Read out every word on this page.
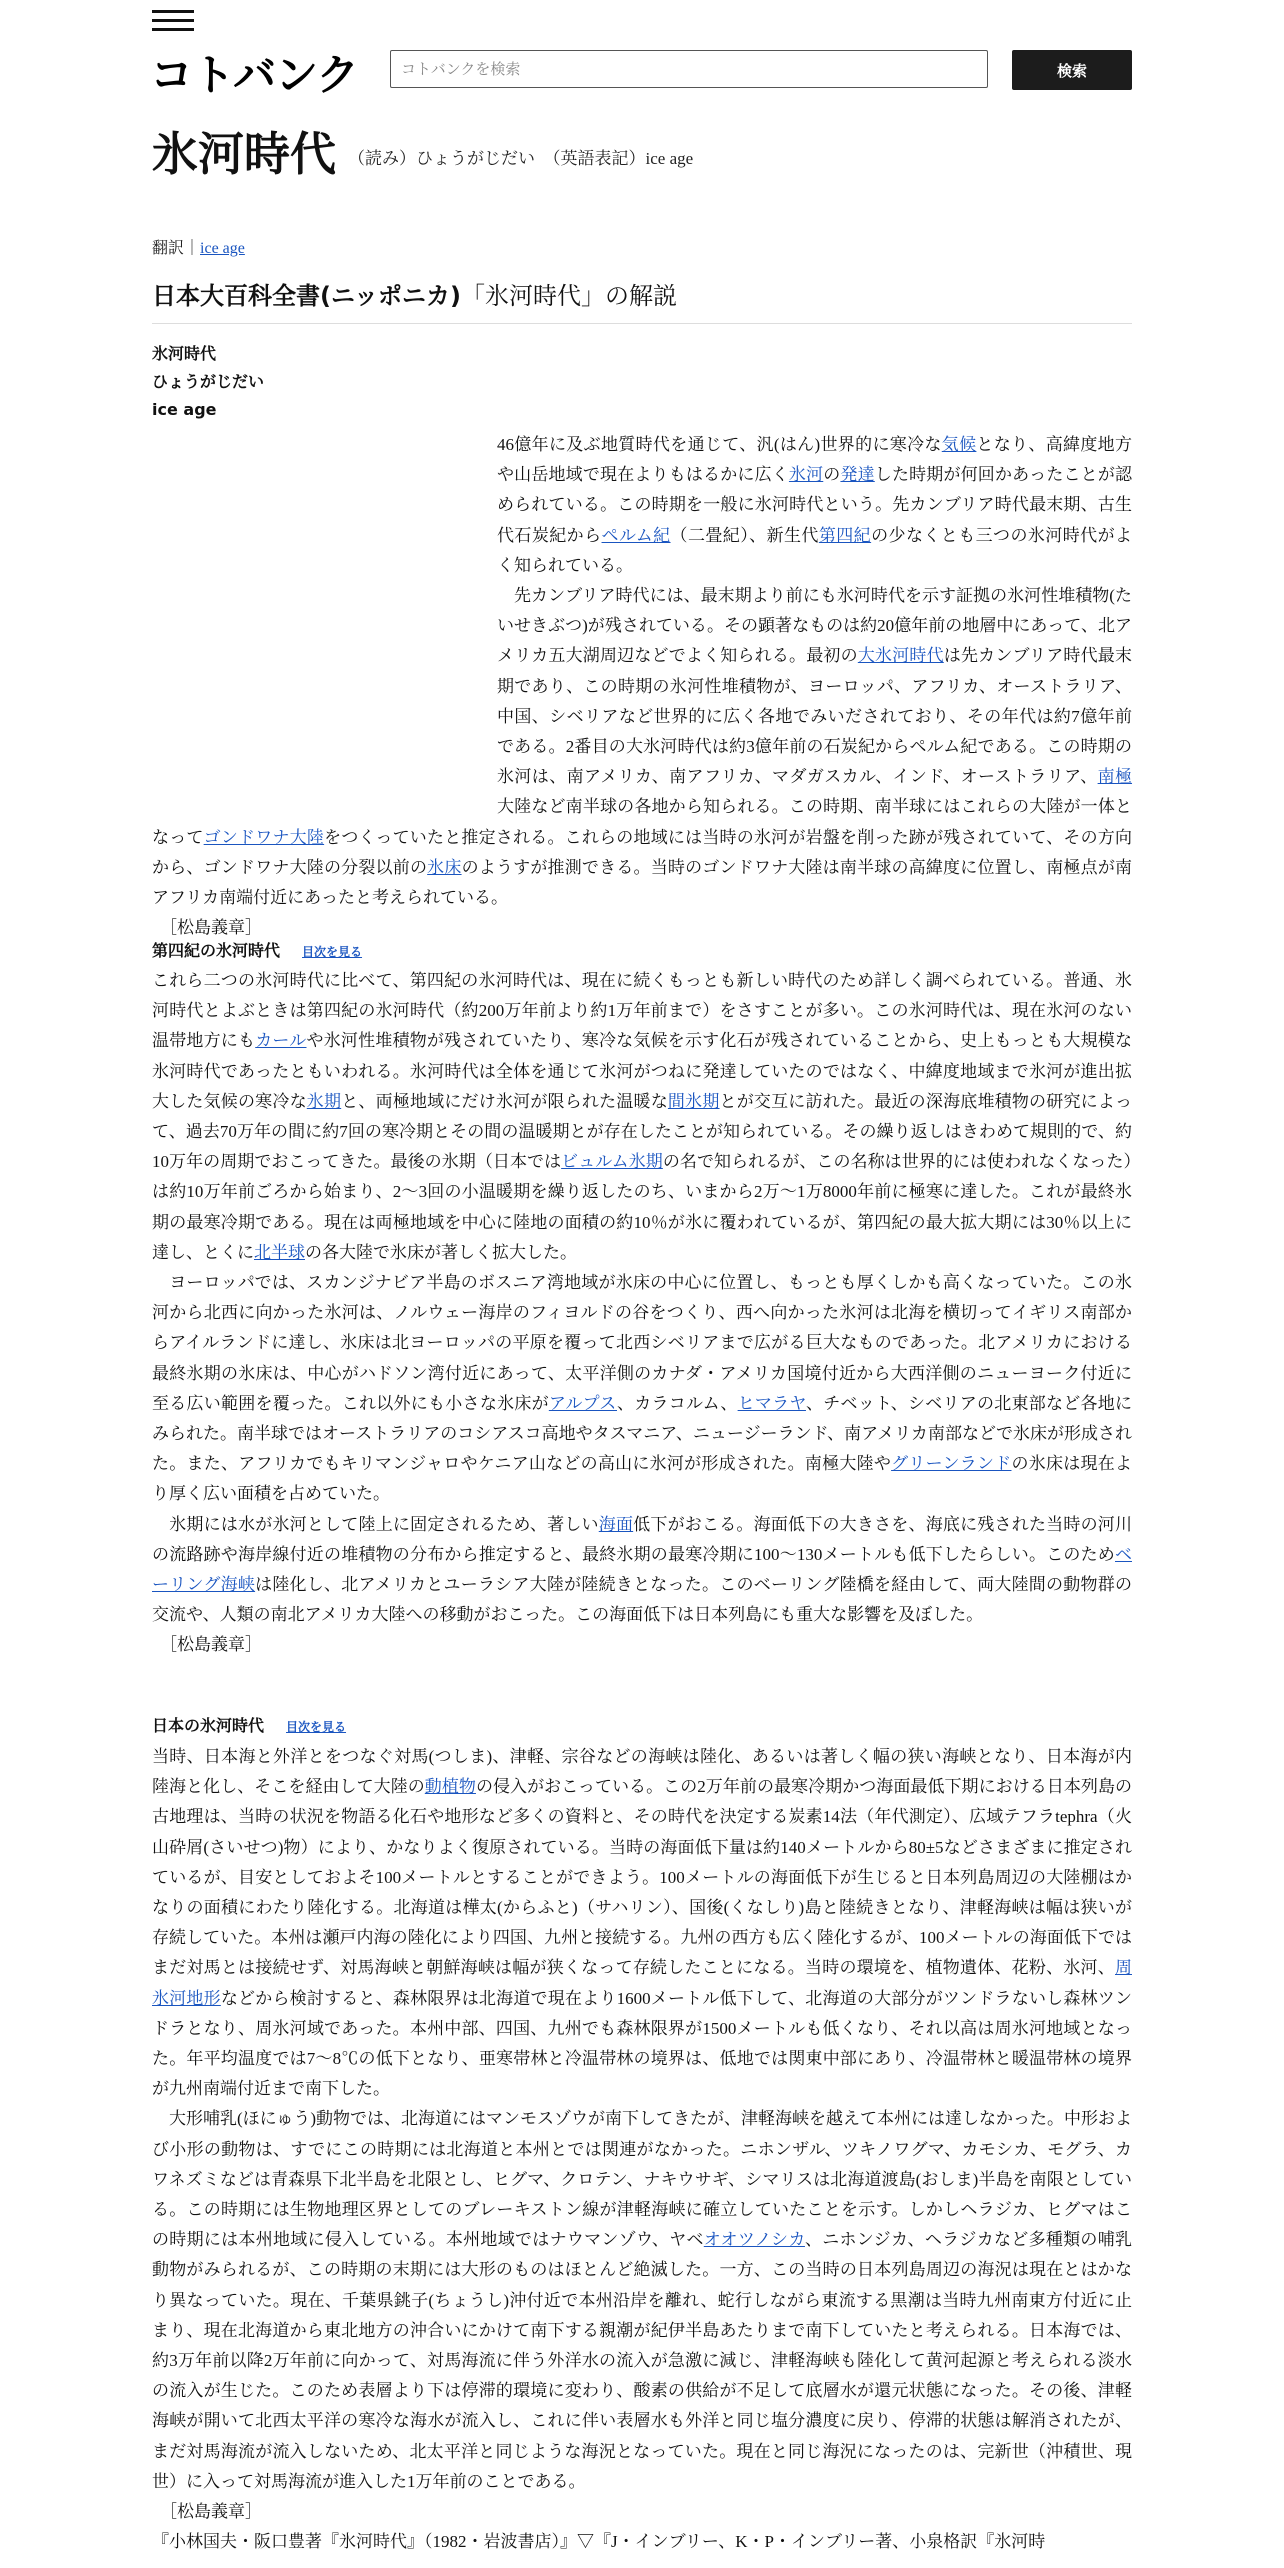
コトバンク
コトバンクを検索	検索
氷河時代 （読み）ひょうがじだい　（英語表記）ice age
翻訳｜ice age
日本大百科全書(ニッポニカ)「氷河時代」の解説
氷河時代
ひょうがじだい
ice age

46億年に及ぶ地質時代を通じて、汎(はん)世界的に寒冷な気候となり、高緯度地方や山岳地域で現在よりもはるかに広く氷河の発達した時期が何回かあったことが認められている。この時期を一般に氷河時代という。先カンブリア時代最末期、古生代石炭紀からペルム紀（二畳紀）、新生代第四紀の少なくとも三つの氷河時代がよく知られている。

　先カンブリア時代には、最末期より前にも氷河時代を示す証拠の氷河性堆積物(たいせきぶつ)が残されている。その顕著なものは約20億年前の地層中にあって、北アメリカ五大湖周辺などでよく知られる。最初の大氷河時代は先カンブリア時代最末期であり、この時期の氷河性堆積物が、ヨーロッパ、アフリカ、オーストラリア、中国、シベリアなど世界的に広く各地でみいだされており、その年代は約7億年前である。2番目の大氷河時代は約3億年前の石炭紀からペルム紀である。この時期の氷河は、南アメリカ、南アフリカ、マダガスカル、インド、オーストラリア、南極大陸など南半球の各地から知られる。この時期、南半球にはこれらの大陸が一体となってゴンドワナ大陸をつくっていたと推定される。これらの地域には当時の氷河が岩盤を削った跡が残されていて、その方向から、ゴンドワナ大陸の分裂以前の氷床のようすが推測できる。当時のゴンドワナ大陸は南半球の高緯度に位置し、南極点が南アフリカ南端付近にあったと考えられている。

［松島義章］

第四紀の氷河時代 目次を見る

これら二つの氷河時代に比べて、第四紀の氷河時代は、現在に続くもっとも新しい時代のため詳しく調べられている。普通、氷河時代とよぶときは第四紀の氷河時代（約200万年前より約1万年前まで）をさすことが多い。この氷河時代は、現在氷河のない温帯地方にもカールや氷河性堆積物が残されていたり、寒冷な気候を示す化石が残されていることから、史上もっとも大規模な氷河時代であったともいわれる。氷河時代は全体を通じて氷河がつねに発達していたのではなく、中緯度地域まで氷河が進出拡大した気候の寒冷な氷期と、両極地域にだけ氷河が限られた温暖な間氷期とが交互に訪れた。最近の深海底堆積物の研究によって、過去70万年の間に約7回の寒冷期とその間の温暖期とが存在したことが知られている。その繰り返しはきわめて規則的で、約10万年の周期でおこってきた。最後の氷期（日本ではビュルム氷期の名で知られるが、この名称は世界的には使われなくなった）は約10万年前ごろから始まり、2～3回の小温暖期を繰り返したのち、いまから2万～1万8000年前に極寒に達した。これが最終氷期の最寒冷期である。現在は両極地域を中心に陸地の面積の約10％が氷に覆われているが、第四紀の最大拡大期には30％以上に達し、とくに北半球の各大陸で氷床が著しく拡大した。

　ヨーロッパでは、スカンジナビア半島のボスニア湾地域が氷床の中心に位置し、もっとも厚くしかも高くなっていた。この氷河から北西に向かった氷河は、ノルウェー海岸のフィヨルドの谷をつくり、西へ向かった氷河は北海を横切ってイギリス南部からアイルランドに達し、氷床は北ヨーロッパの平原を覆って北西シベリアまで広がる巨大なものであった。北アメリカにおける最終氷期の氷床は、中心がハドソン湾付近にあって、太平洋側のカナダ・アメリカ国境付近から大西洋側のニューヨーク付近に至る広い範囲を覆った。これ以外にも小さな氷床がアルプス、カラコルム、ヒマラヤ、チベット、シベリアの北東部など各地にみられた。南半球ではオーストラリアのコシアスコ高地やタスマニア、ニュージーランド、南アメリカ南部などで氷床が形成された。また、アフリカでもキリマンジャロやケニア山などの高山に氷河が形成された。南極大陸やグリーンランドの氷床は現在より厚く広い面積を占めていた。

　氷期には水が氷河として陸上に固定されるため、著しい海面低下がおこる。海面低下の大きさを、海底に残された当時の河川の流路跡や海岸線付近の堆積物の分布から推定すると、最終氷期の最寒冷期に100～130メートルも低下したらしい。このためベーリング海峡は陸化し、北アメリカとユーラシア大陸が陸続きとなった。このベーリング陸橋を経由して、両大陸間の動物群の交流や、人類の南北アメリカ大陸への移動がおこった。この海面低下は日本列島にも重大な影響を及ぼした。

［松島義章］

日本の氷河時代 目次を見る

当時、日本海と外洋とをつなぐ対馬(つしま)、津軽、宗谷などの海峡は陸化、あるいは著しく幅の狭い海峡となり、日本海が内陸海と化し、そこを経由して大陸の動植物の侵入がおこっている。この2万年前の最寒冷期かつ海面最低下期における日本列島の古地理は、当時の状況を物語る化石や地形など多くの資料と、その時代を決定する炭素14法（年代測定）、広域テフラtephra（火山砕屑(さいせつ)物）により、かなりよく復原されている。当時の海面低下量は約140メートルから80±5などさまざまに推定されているが、目安としておよそ100メートルとすることができよう。100メートルの海面低下が生じると日本列島周辺の大陸棚はかなりの面積にわたり陸化する。北海道は樺太(からふと)（サハリン）、国後(くなしり)島と陸続きとなり、津軽海峡は幅は狭いが存続していた。本州は瀬戸内海の陸化により四国、九州と接続する。九州の西方も広く陸化するが、100メートルの海面低下ではまだ対馬とは接続せず、対馬海峡と朝鮮海峡は幅が狭くなって存続したことになる。当時の環境を、植物遺体、花粉、氷河、周氷河地形などから検討すると、森林限界は北海道で現在より1600メートル低下して、北海道の大部分がツンドラないし森林ツンドラとなり、周氷河域であった。本州中部、四国、九州でも森林限界が1500メートルも低くなり、それ以高は周氷河地域となった。年平均温度では7～8℃の低下となり、亜寒帯林と冷温帯林の境界は、低地では関東中部にあり、冷温帯林と暖温帯林の境界が九州南端付近まで南下した。

　大形哺乳(ほにゅう)動物では、北海道にはマンモスゾウが南下してきたが、津軽海峡を越えて本州には達しなかった。中形および小形の動物は、すでにこの時期には北海道と本州とでは関連がなかった。ニホンザル、ツキノワグマ、カモシカ、モグラ、カワネズミなどは青森県下北半島を北限とし、ヒグマ、クロテン、ナキウサギ、シマリスは北海道渡島(おしま)半島を南限としている。この時期には生物地理区界としてのブレーキストン線が津軽海峡に確立していたことを示す。しかしヘラジカ、ヒグマはこの時期には本州地域に侵入している。本州地域ではナウマンゾウ、ヤベオオツノシカ、ニホンジカ、ヘラジカなど多種類の哺乳動物がみられるが、この時期の末期には大形のものはほとんど絶滅した。一方、この当時の日本列島周辺の海況は現在とはかなり異なっていた。現在、千葉県銚子(ちょうし)沖付近で本州沿岸を離れ、蛇行しながら東流する黒潮は当時九州南東方付近に止まり、現在北海道から東北地方の沖合いにかけて南下する親潮が紀伊半島あたりまで南下していたと考えられる。日本海では、約3万年前以降2万年前に向かって、対馬海流に伴う外洋水の流入が急激に減じ、津軽海峡も陸化して黄河起源と考えられる淡水の流入が生じた。このため表層より下は停滞的環境に変わり、酸素の供給が不足して底層水が還元状態になった。その後、津軽海峡が開いて北西太平洋の寒冷な海水が流入し、これに伴い表層水も外洋と同じ塩分濃度に戻り、停滞的状態は解消されたが、まだ対馬海流が流入しないため、北太平洋と同じような海況となっていた。現在と同じ海況になったのは、完新世（沖積世、現世）に入って対馬海流が進入した1万年前のことである。

［松島義章］

『小林国夫・阪口豊著『氷河時代』（1982・岩波書店）』▽『J・インブリー、K・P・インブリー著、小泉格訳『氷河時
